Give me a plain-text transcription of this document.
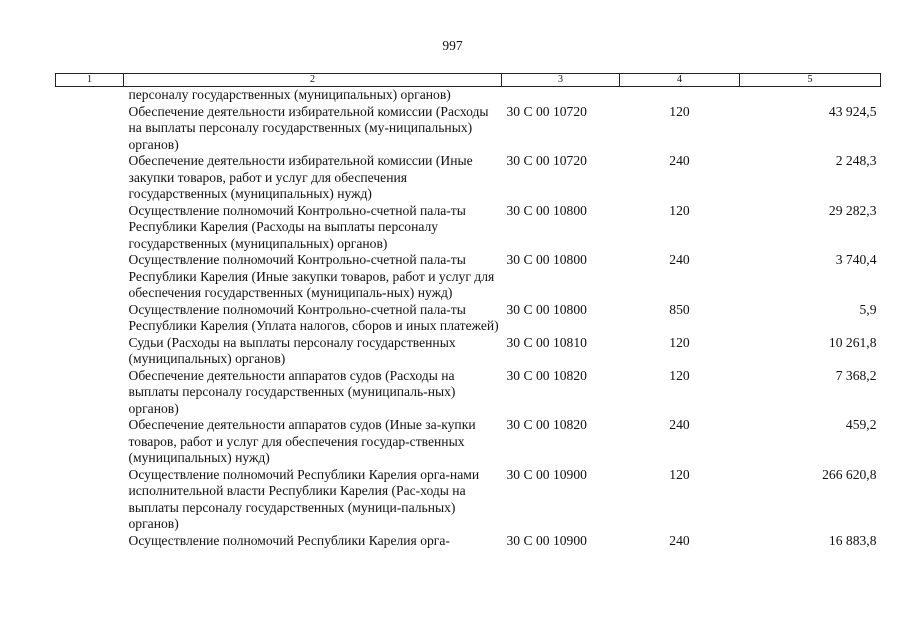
997
1	2	3	4	5
	персоналу государственных (муниципальных) органов)			
	Обеспечение деятельности избирательной комиссии (Расходы на выплаты персоналу государственных (му-ниципальных) органов)	30 С 00 10720	120	43 924,5
	Обеспечение деятельности избирательной комиссии (Иные закупки товаров, работ и услуг для обеспечения государственных (муниципальных) нужд)	30 С 00 10720	240	2 248,3
	Осуществление полномочий Контрольно-счетной пала-ты Республики Карелия (Расходы на выплаты персоналу государственных (муниципальных) органов)	30 С 00 10800	120	29 282,3
	Осуществление полномочий Контрольно-счетной пала-ты Республики Карелия (Иные закупки товаров, работ и услуг для обеспечения государственных (муниципаль-ных) нужд)	30 С 00 10800	240	3 740,4
	Осуществление полномочий Контрольно-счетной пала-ты Республики Карелия (Уплата налогов, сборов и иных платежей)	30 С 00 10800	850	5,9
	Судьи (Расходы на выплаты персоналу государственных (муниципальных) органов)	30 С 00 10810	120	10 261,8
	Обеспечение деятельности аппаратов судов (Расходы на выплаты персоналу государственных (муниципаль-ных) органов)	30 С 00 10820	120	7 368,2
	Обеспечение деятельности аппаратов судов (Иные за-купки товаров, работ и услуг для обеспечения государ-ственных (муниципальных) нужд)	30 С 00 10820	240	459,2
	Осуществление полномочий Республики Карелия орга-нами исполнительной власти Республики Карелия (Рас-ходы на выплаты персоналу государственных (муници-пальных) органов)	30 С 00 10900	120	266 620,8
	Осуществление полномочий Республики Карелия орга-	30 С 00 10900	240	16 883,8
